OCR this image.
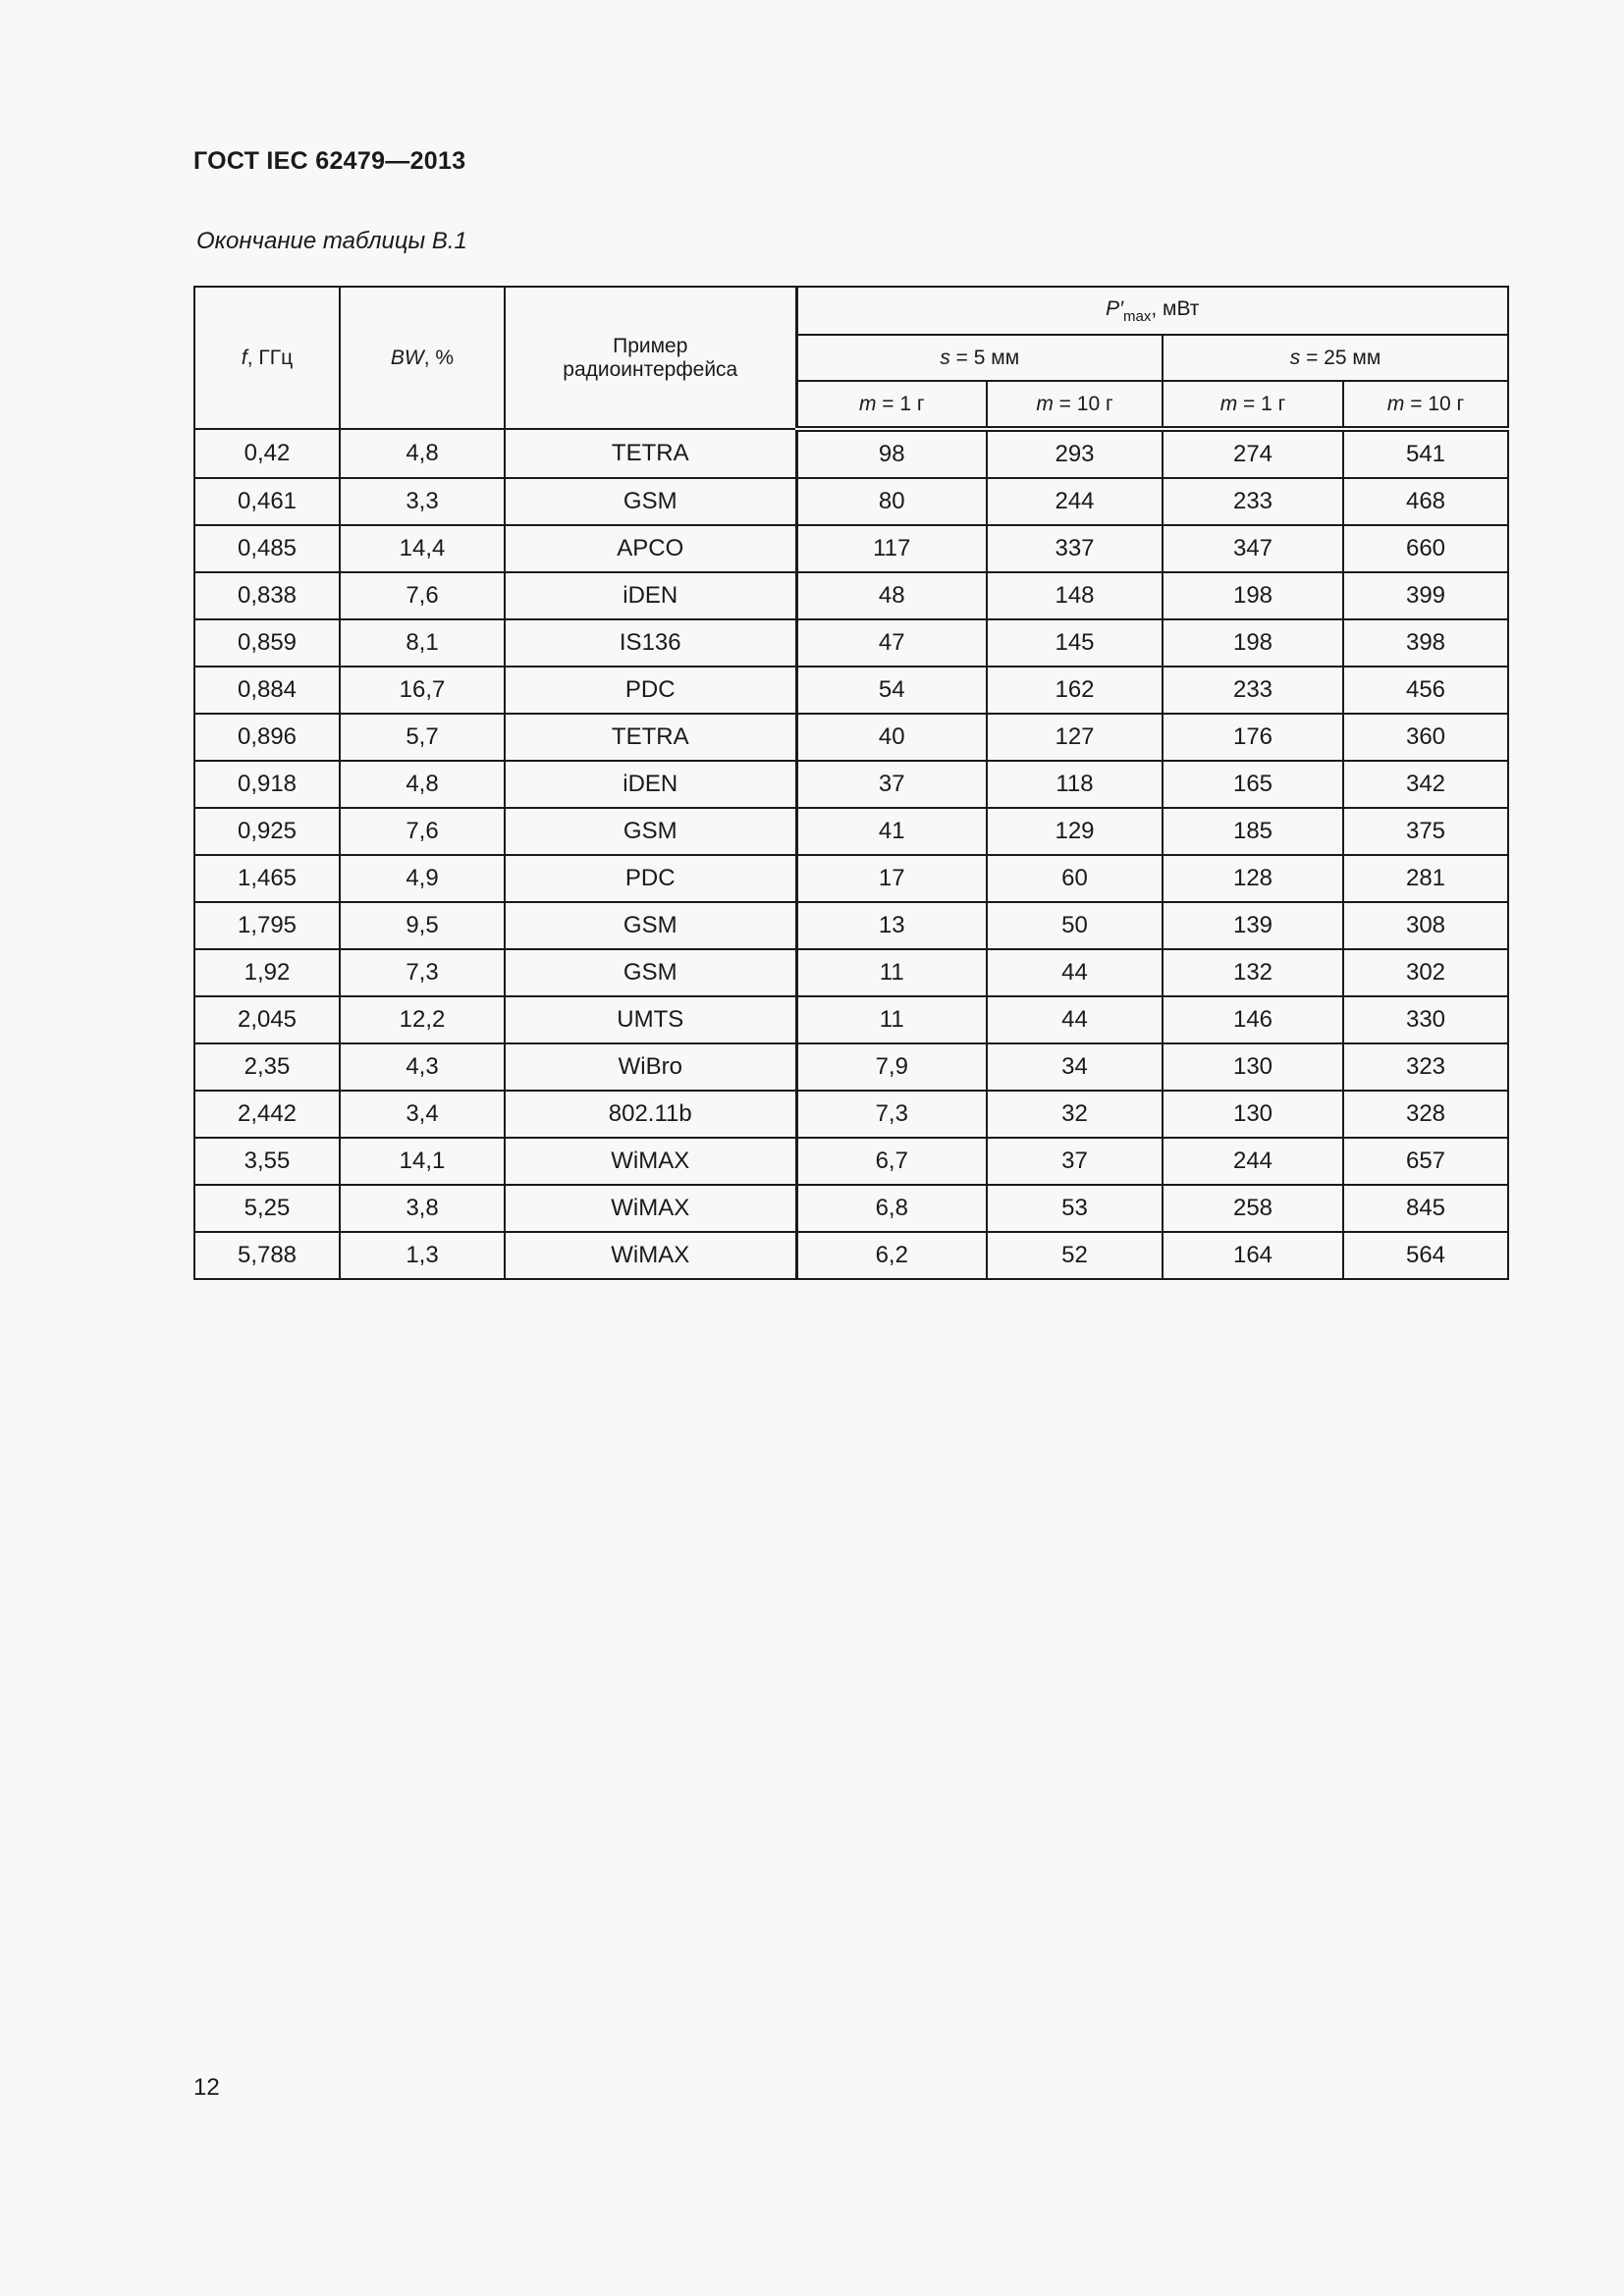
ГОСТ IEC 62479—2013
Окончание таблицы В.1
f, ГГц	BW, %	Пример
радиоинтерфейса	$P'_{max}$, мВт			
			s = 5 мм		s = 25 мм	
			m = 1 г	m = 10 г	m = 1 г	m = 10 г
0,42	4,8	TETRA	98	293	274	541
0,461	3,3	GSM	80	244	233	468
0,485	14,4	APCO	117	337	347	660
0,838	7,6	iDEN	48	148	198	399
0,859	8,1	IS136	47	145	198	398
0,884	16,7	PDC	54	162	233	456
0,896	5,7	TETRA	40	127	176	360
0,918	4,8	iDEN	37	118	165	342
0,925	7,6	GSM	41	129	185	375
1,465	4,9	PDC	17	60	128	281
1,795	9,5	GSM	13	50	139	308
1,92	7,3	GSM	11	44	132	302
2,045	12,2	UMTS	11	44	146	330
2,35	4,3	WiBro	7,9	34	130	323
2,442	3,4	802.11b	7,3	32	130	328
3,55	14,1	WiMAX	6,7	37	244	657
5,25	3,8	WiMAX	6,8	53	258	845
5,788	1,3	WiMAX	6,2	52	164	564
12
